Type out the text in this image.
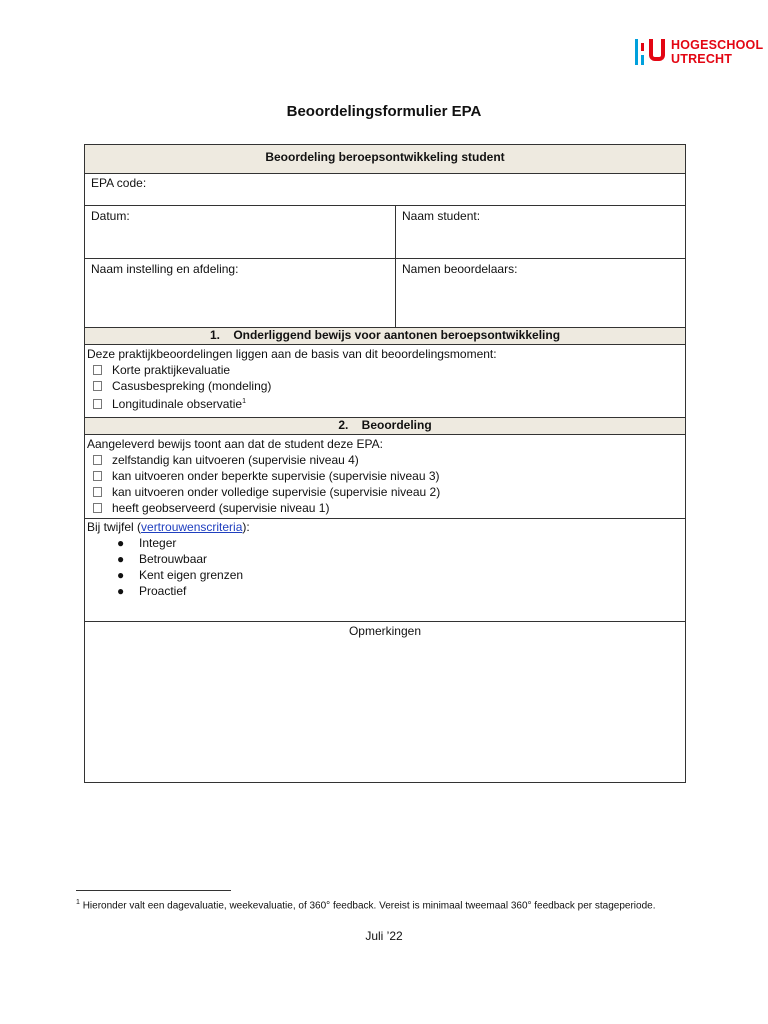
HOGESCHOOL
UTRECHT
Beoordelingsformulier EPA
Beoordeling beroepsontwikkeling student
EPA code:
Datum:	Naam student:
Naam instelling en afdeling:	Namen beoordelaars:
1. Onderliggend bewijs voor aantonen beroepsontwikkeling
Deze praktijkbeoordelingen liggen aan de basis van dit beoordelingsmoment:
Korte praktijkevaluatie
Casusbespreking (mondeling)
Longitudinale observatie$^1$
2. Beoordeling
Aangeleverd bewijs toont aan dat de student deze EPA:
zelfstandig kan uitvoeren (supervisie niveau 4)
kan uitvoeren onder beperkte supervisie (supervisie niveau 3)
kan uitvoeren onder volledige supervisie (supervisie niveau 2)
heeft geobserveerd (supervisie niveau 1)
Bij twijfel (vertrouwenscriteria):
● Integer
● Betrouwbaar
● Kent eigen grenzen
● Proactief
Opmerkingen
$^1$ Hieronder valt een dagevaluatie, weekevaluatie, of 360° feedback. Vereist is minimaal tweemaal 360° feedback per stageperiode.
Juli ’22
